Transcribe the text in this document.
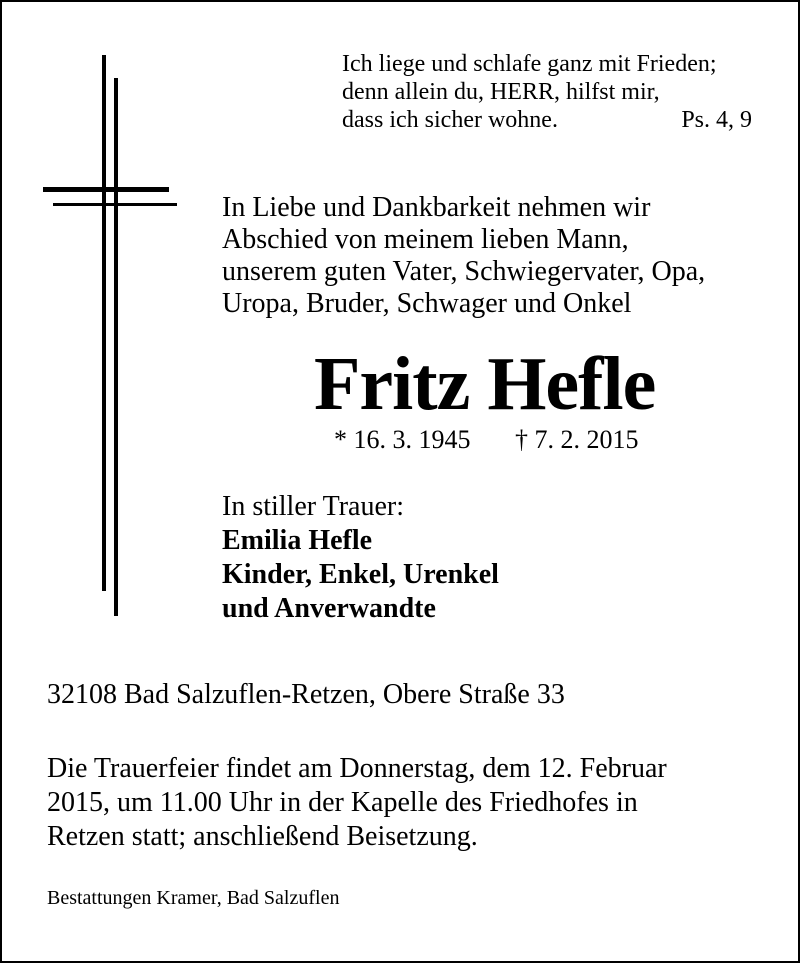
Ich liege und schlafe ganz mit Frieden;
denn allein du, HERR, hilfst mir,
dass ich sicher wohne.	Ps. 4, 9
In Liebe und Dankbarkeit nehmen wir
Abschied von meinem lieben Mann,
unserem guten Vater, Schwiegervater, Opa,
Uropa, Bruder, Schwager und Onkel
Fritz Hefle
* 16. 3. 1945 † 7. 2. 2015
In stiller Trauer:
Emilia Hefle
Kinder, Enkel, Urenkel
und Anverwandte
32108 Bad Salzuflen-Retzen, Obere Straße 33
Die Trauerfeier findet am Donnerstag, dem 12. Februar
2015, um 11.00 Uhr in der Kapelle des Friedhofes in
Retzen statt; anschließend Beisetzung.
Bestattungen Kramer, Bad Salzuflen
